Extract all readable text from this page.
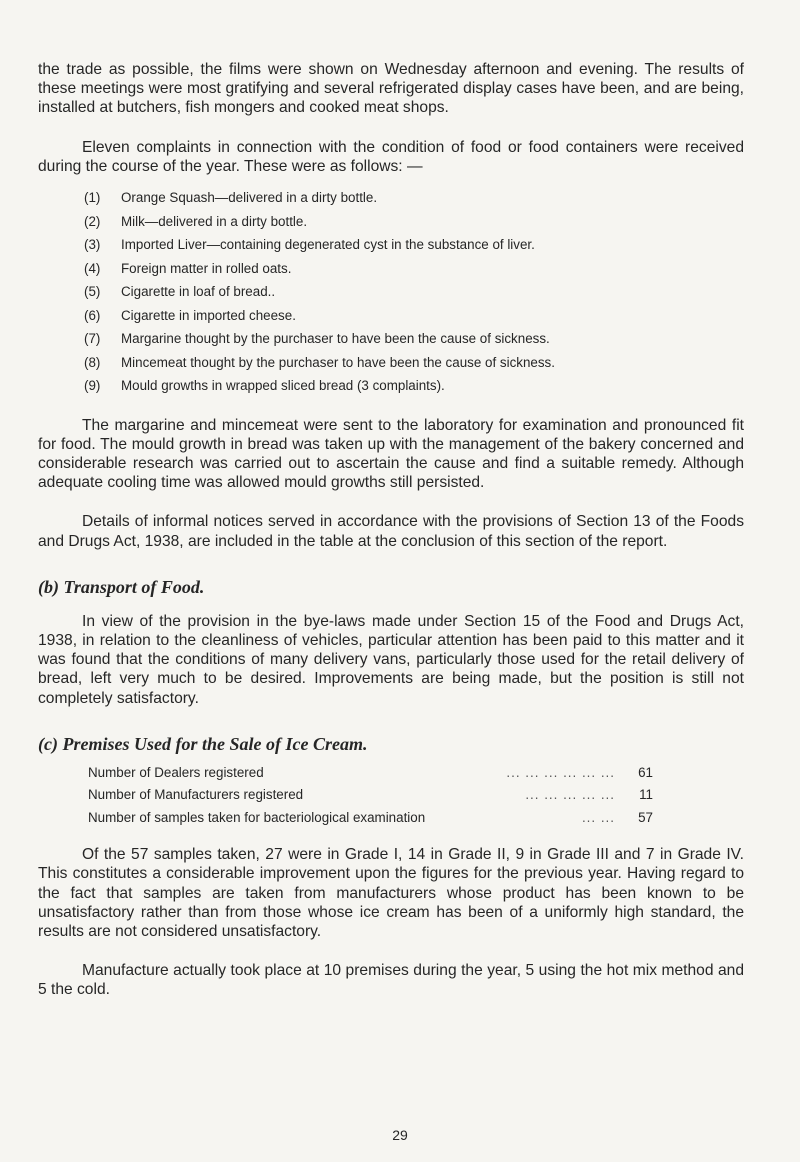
the trade as possible, the films were shown on Wednesday afternoon and evening. The results of these meetings were most gratifying and several refrigerated display cases have been, and are being, installed at butchers, fish mongers and cooked meat shops.

Eleven complaints in connection with the condition of food or food containers were received during the course of the year. These were as follows: —

(1)	Orange Squash—delivered in a dirty bottle.
(2)	Milk—delivered in a dirty bottle.
(3)	Imported Liver—containing degenerated cyst in the substance of liver.
(4)	Foreign matter in rolled oats.
(5)	Cigarette in loaf of bread..
(6)	Cigarette in imported cheese.
(7)	Margarine thought by the purchaser to have been the cause of sickness.
(8)	Mincemeat thought by the purchaser to have been the cause of sickness.
(9)	Mould growths in wrapped sliced bread (3 complaints).

The margarine and mincemeat were sent to the laboratory for examination and pronounced fit for food. The mould growth in bread was taken up with the management of the bakery concerned and considerable research was carried out to ascertain the cause and find a suitable remedy. Although adequate cooling time was allowed mould growths still persisted.

Details of informal notices served in accordance with the provisions of Section 13 of the Foods and Drugs Act, 1938, are included in the table at the conclusion of this section of the report.

(b) Transport of Food.

In view of the provision in the bye-laws made under Section 15 of the Food and Drugs Act, 1938, in relation to the cleanliness of vehicles, particular attention has been paid to this matter and it was found that the conditions of many delivery vans, particularly those used for the retail delivery of bread, left very much to be desired. Improvements are being made, but the position is still not completely satisfactory.

(c) Premises Used for the Sale of Ice Cream.
Number of Dealers registered	... ... ... ... ... ...	61
Number of Manufacturers registered	... ... ... ... ...	11
Number of samples taken for bacteriological examination	... ...	57

Of the 57 samples taken, 27 were in Grade I, 14 in Grade II, 9 in Grade III and 7 in Grade IV. This constitutes a considerable improvement upon the figures for the previous year. Having regard to the fact that samples are taken from manufacturers whose product has been known to be unsatisfactory rather than from those whose ice cream has been of a uniformly high standard, the results are not considered unsatisfactory.

Manufacture actually took place at 10 premises during the year, 5 using the hot mix method and 5 the cold.

29
